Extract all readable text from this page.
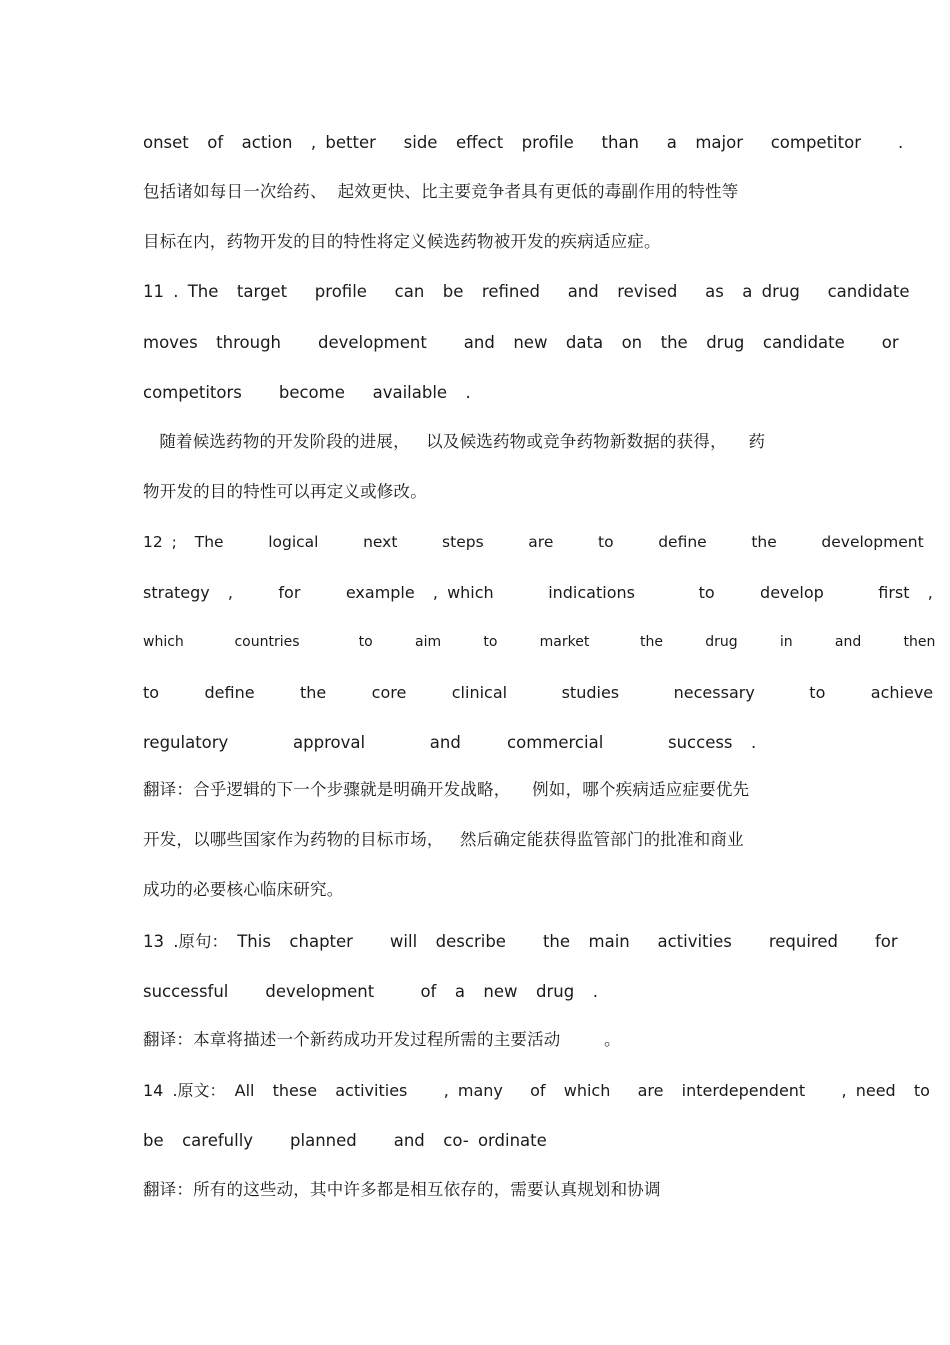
onset  of  action  , better   side  effect  profile   than   a  major   competitor    .
包括诸如每日一次给药、  起效更快、比主要竞争者具有更低的毒副作用的特性等
目标在内，药物开发的目的特性将定义候选药物被开发的疾病适应症。
11 . The  target   profile   can  be  refined   and  revised   as  a drug   candidate
moves  through    development    and  new  data  on  the  drug  candidate    or
competitors    become   available  .
随着候选药物的开发阶段的进展，   以及候选药物或竞争药物新数据的获得，    药
物开发的目的特性可以再定义或修改。
12 ;  The     logical     next     steps     are     to     define     the     development
strategy  ,     for     example  , which      indications       to     develop      first  ,
which      countries       to     aim     to     market      the     drug     in     and     then
to     define     the     core     clinical      studies      necessary      to     achieve
regulatory       approval       and     commercial       success  .
翻译：合乎逻辑的下一个步骤就是明确开发战略，    例如，哪个疾病适应症要优先
开发，以哪些国家作为药物的目标市场，   然后确定能获得监管部门的批准和商业
成功的必要核心临床研究。
13 .原句： This  chapter    will  describe    the  main   activities    required    for
successful    development     of  a  new  drug  .
翻译：本章将描述一个新药成功开发过程所需的主要活动        。
14 .原文： All  these  activities    , many   of  which   are  interdependent    , need  to
be  carefully    planned    and  co- ordinate
翻译：所有的这些动，其中许多都是相互依存的，需要认真规划和协调
